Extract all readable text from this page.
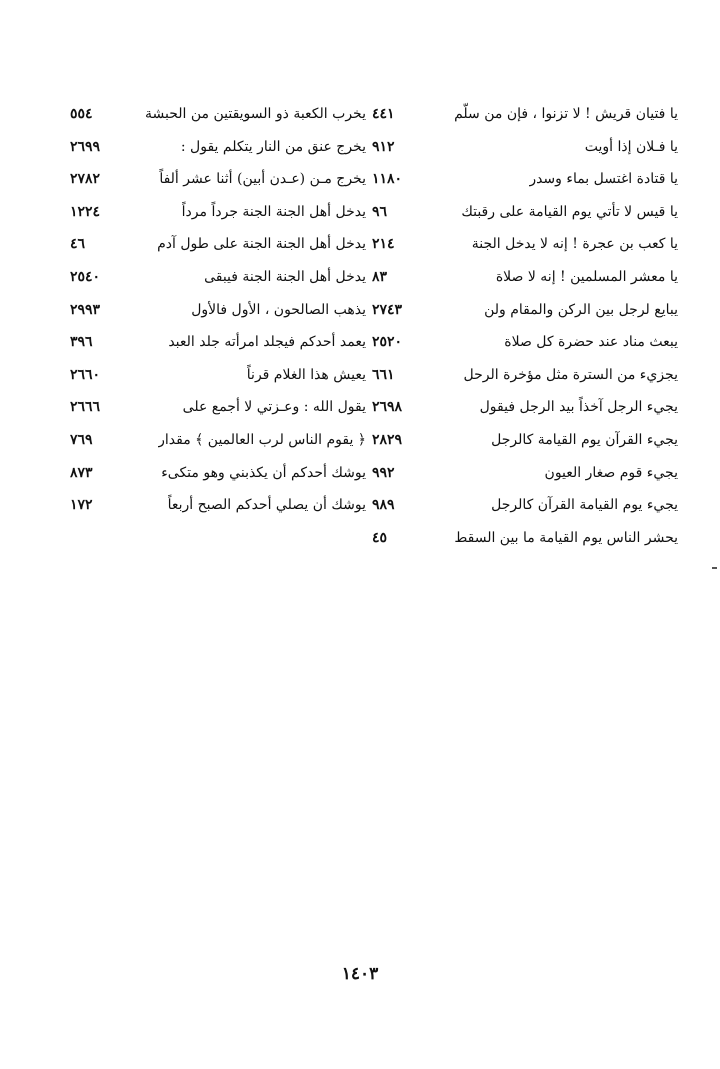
يا فتيان قريش ! لا تزنوا ، فإن من سلّم
٤٤١
يا فـلان إذا أويت
٩١٢
يا قتادة اغتسل بماء وسدر
١١٨٠
يا قيس لا تأتي يوم القيامة على رقبتك
٩٦
يا كعب بن عجرة ! إنه لا يدخل الجنة
٢١٤
يا معشر المسلمين ! إنه لا صلاة
٨٣
يبايع لرجل بين الركن والمقام ولن
٢٧٤٣
يبعث مناد عند حضرة كل صلاة
٢٥٢٠
يجزيء من السترة مثل مؤخرة الرحل
٦٦١
يجيء الرجل آخذاً بيد الرجل فيقول
٢٦٩٨
يجيء القرآن يوم القيامة كالرجل
٢٨٢٩
يجيء قوم صغار العيون
٩٩٢
يجيء يوم القيامة القرآن كالرجل
٩٨٩
يحشر الناس يوم القيامة ما بين السقط
٤٥
يخرب الكعبة ذو السويقتين من الحبشة
٥٥٤
يخرج عنق من النار يتكلم يقول :
٢٦٩٩
يخرج مـن (عـدن أبين) أثنا عشر ألفاً
٢٧٨٢
يدخل أهل الجنة الجنة جرداً مرداً
١٢٢٤
يدخل أهل الجنة الجنة على طول آدم
٤٦
يدخل أهل الجنة الجنة فيبقى
٢٥٤٠
يذهب الصالحون ، الأول فالأول
٢٩٩٣
يعمد أحدكم فيجلد امرأته جلد العبد
٣٩٦
يعيش هذا الغلام قرناً
٢٦٦٠
يقول الله : وعـزتي لا أجمع على
٢٦٦٦
﴿ يقوم الناس لرب العالمين ﴾ مقدار
٧٦٩
يوشك أحدكم أن يكذبني وهو متكىء
٨٧٣
يوشك أن يصلي أحدكم الصبح أربعاً
١٧٢
١٤٠٣
